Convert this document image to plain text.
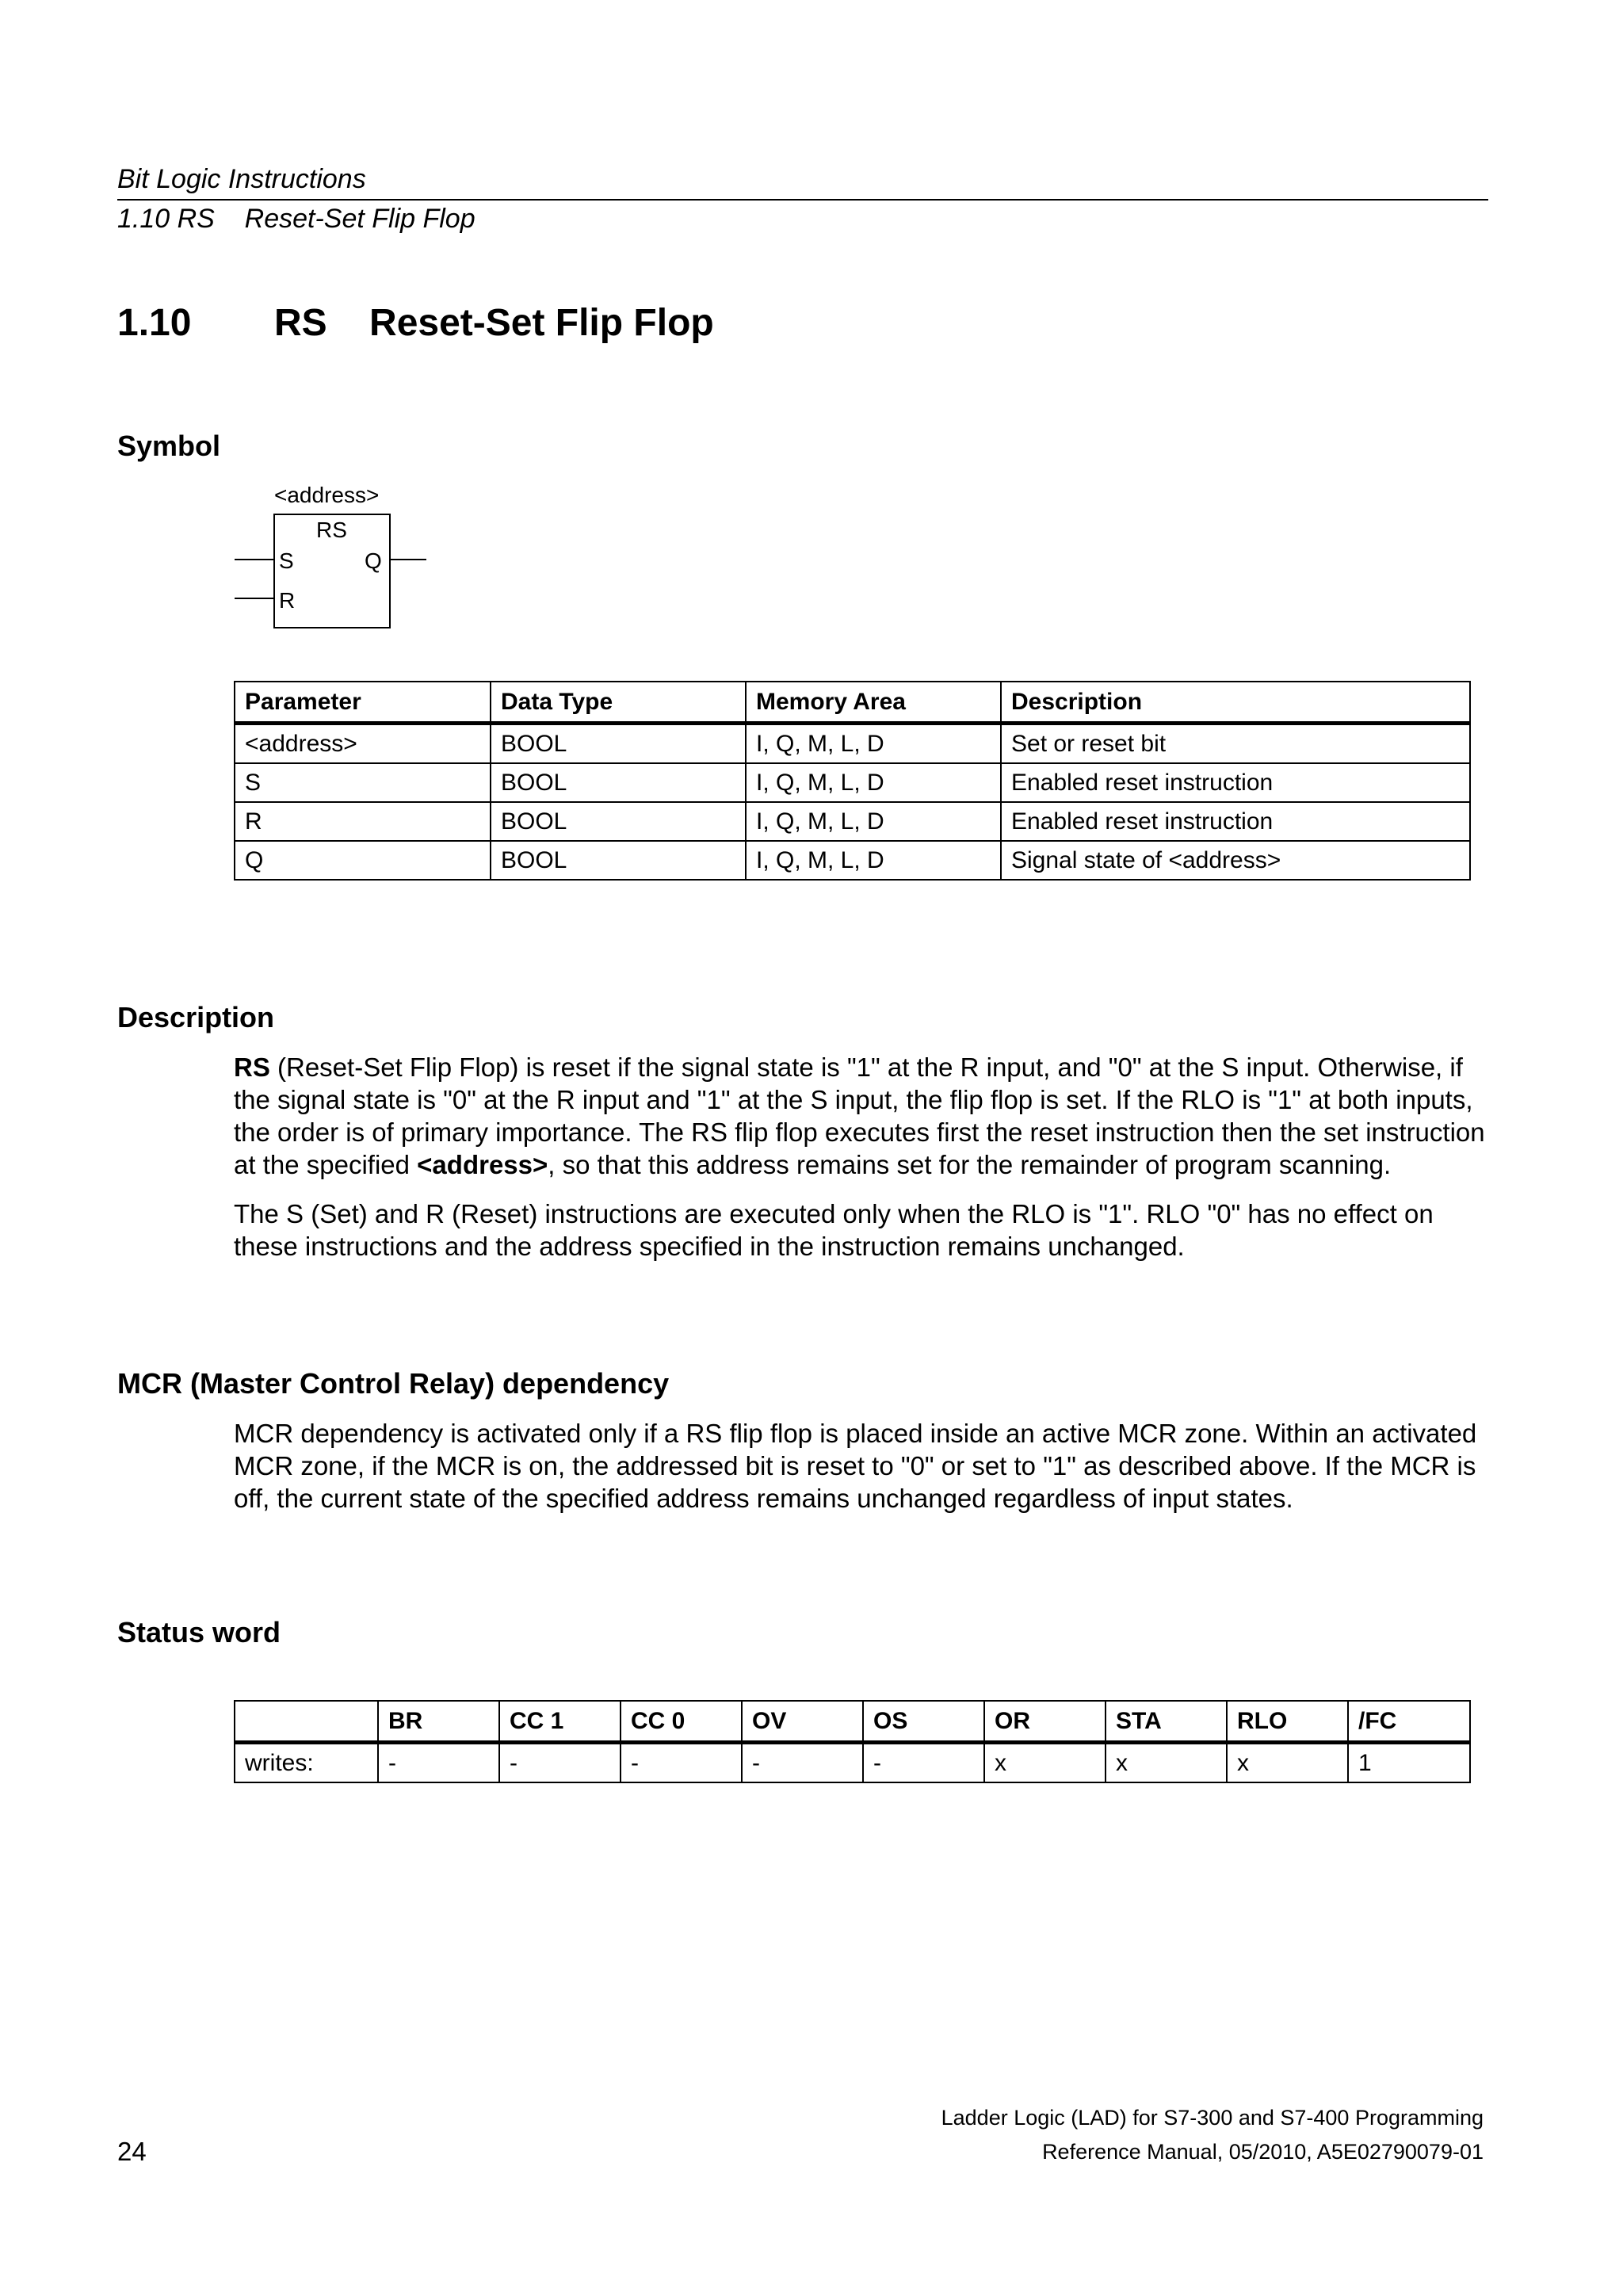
Bit Logic Instructions
1.10 RS    Reset-Set Flip Flop
1.10 RS    Reset-Set Flip Flop
Symbol
<address>
RS
S	Q
R
Parameter	Data Type	Memory Area	Description
<address>	BOOL	I, Q, M, L, D	Set or reset bit
S	BOOL	I, Q, M, L, D	Enabled reset instruction
R	BOOL	I, Q, M, L, D	Enabled reset instruction
Q	BOOL	I, Q, M, L, D	Signal state of <address>
Description

RS (Reset-Set Flip Flop) is reset if the signal state is "1" at the R input, and "0" at the S input. Otherwise, if the signal state is "0" at the R input and "1" at the S input, the flip flop is set. If the RLO is "1" at both inputs, the order is of primary importance. The RS flip flop executes first the reset instruction then the set instruction at the specified <address>, so that this address remains set for the remainder of program scanning.

The S (Set) and R (Reset) instructions are executed only when the RLO is "1". RLO "0" has no effect on these instructions and the address specified in the instruction remains unchanged.

MCR (Master Control Relay) dependency

MCR dependency is activated only if a RS flip flop is placed inside an active MCR zone. Within an activated MCR zone, if the MCR is on, the addressed bit is reset to "0" or set to "1" as described above. If the MCR is off, the current state of the specified address remains unchanged regardless of input states.

Status word
	BR	CC 1	CC 0	OV	OS	OR	STA	RLO	/FC
writes:	-	-	-	-	-	x	x	x	1
24
Ladder Logic (LAD) for S7-300 and S7-400 Programming
Reference Manual, 05/2010, A5E02790079-01
